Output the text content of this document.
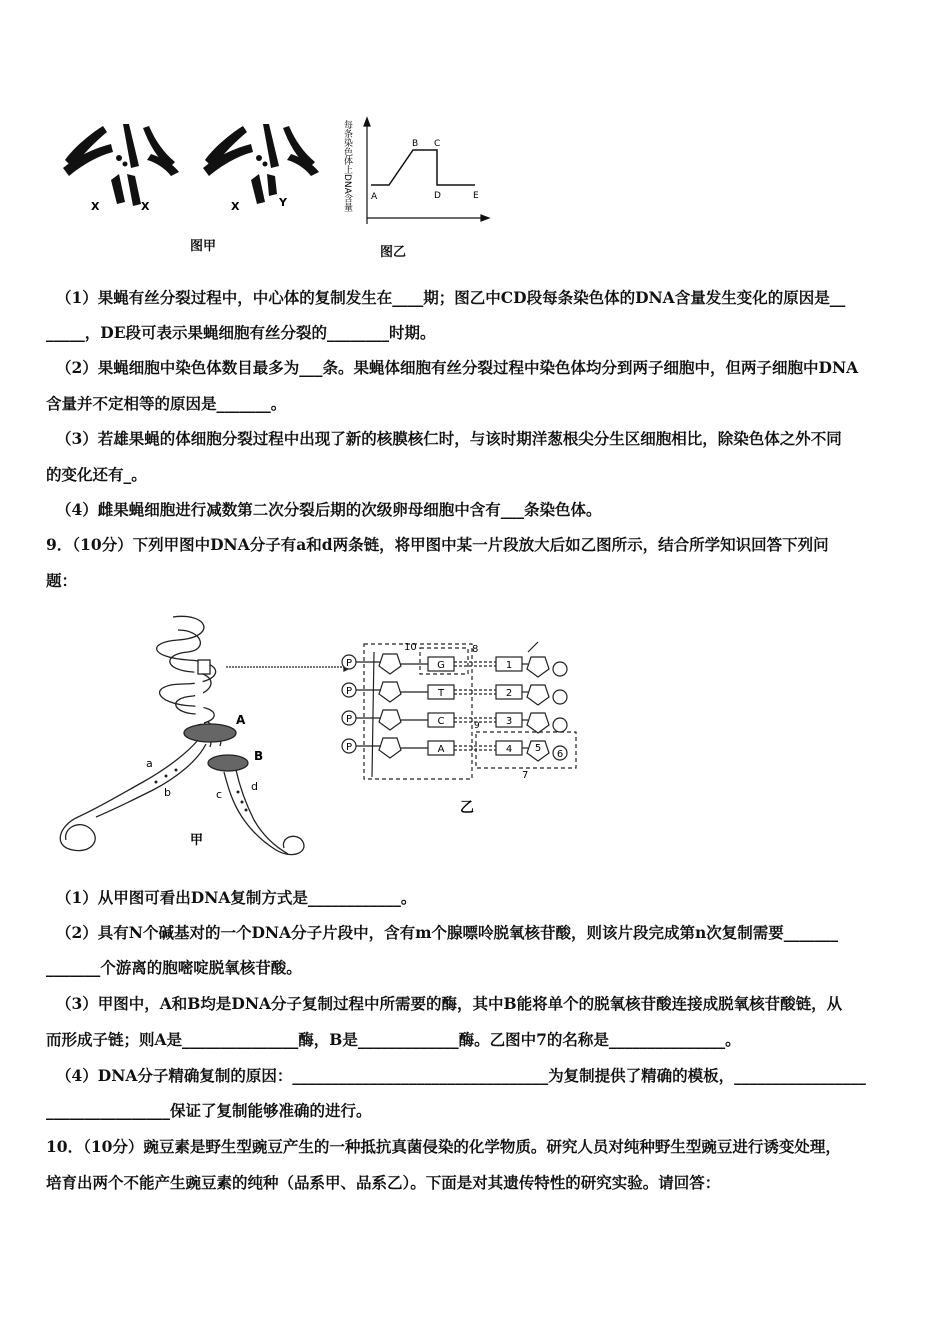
X	X	X	Y
图甲
每条染色体上DNA含量 A
B C
D	E
图乙
（1）果蝇有丝分裂过程中，中心体的复制发生在____期；图乙中CD段每条染色体的DNA含量发生变化的原因是__
_____，DE段可表示果蝇细胞有丝分裂的________时期。
（2）果蝇细胞中染色体数目最多为___条。果蝇体细胞有丝分裂过程中染色体均分到两子细胞中，但两子细胞中DNA
含量并不定相等的原因是_______。
（3）若雄果蝇的体细胞分裂过程中出现了新的核膜核仁时，与该时期洋葱根尖分生区细胞相比，除染色体之外不同
的变化还有_。
（4）雌果蝇细胞进行减数第二次分裂后期的次级卵母细胞中含有___条染色体。
9．（10分）下列甲图中DNA分子有a和d两条链，将甲图中某一片段放大后如乙图所示，结合所学知识回答下列问
题：
A
B
a
b	c
d
甲
10	8
9
7
乙
P
P
P
P
G
T
C
A
1
2
3
4 5
6
（1）从甲图可看出DNA复制方式是____________。
（2）具有N个碱基对的一个DNA分子片段中，含有m个腺嘌呤脱氧核苷酸，则该片段完成第n次复制需要_______
_______个游离的胞嘧啶脱氧核苷酸。
（3）甲图中，A和B均是DNA分子复制过程中所需要的酶，其中B能将单个的脱氧核苷酸连接成脱氧核苷酸链，从
而形成子链；则A是_______________酶，B是_____________酶。乙图中7的名称是_______________。
（4）DNA分子精确复制的原因：_________________________________为复制提供了精确的模板，_________________
________________保证了复制能够准确的进行。
10．（10分）豌豆素是野生型豌豆产生的一种抵抗真菌侵染的化学物质。研究人员对纯种野生型豌豆进行诱变处理，
培育出两个不能产生豌豆素的纯种（品系甲、品系乙）。下面是对其遗传特性的研究实验。请回答：
